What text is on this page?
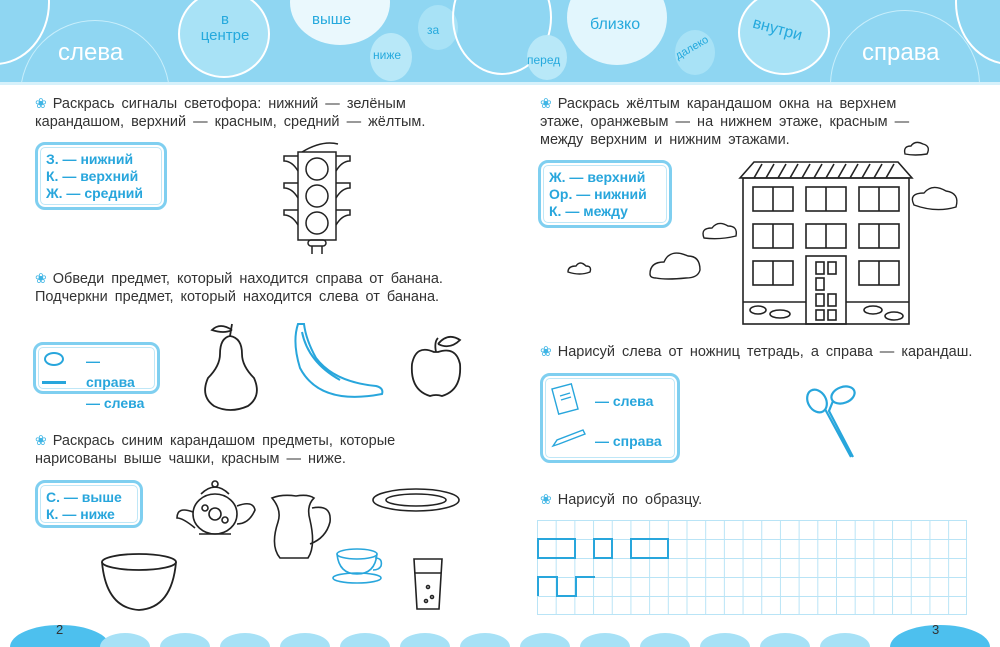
слева
в центре
выше
ниже
за
перед
близко
далеко
внутри
справа
❀ Раскрась сигналы светофора: нижний — зелёным
карандашом, верхний — красным, средний — жёлтым.
З. — нижний
К. — верхний
Ж. — средний
❀ Обведи предмет, который находится справа от банана.
Подчеркни предмет, который находится слева от банана.
— справа
— слева
❀ Раскрась синим карандашом предметы, которые
нарисованы выше чашки, красным — ниже.
С. — выше
К. — ниже
❀ Раскрась жёлтым карандашом окна на верхнем
этаже, оранжевым — на нижнем этаже, красным —
между верхним и нижним этажами.
Ж. — верхний
Ор. — нижний
К. — между
❀ Нарисуй слева от ножниц тетрадь, а справа — карандаш.
— слева
— справа
❀ Нарисуй по образцу.
2	3
